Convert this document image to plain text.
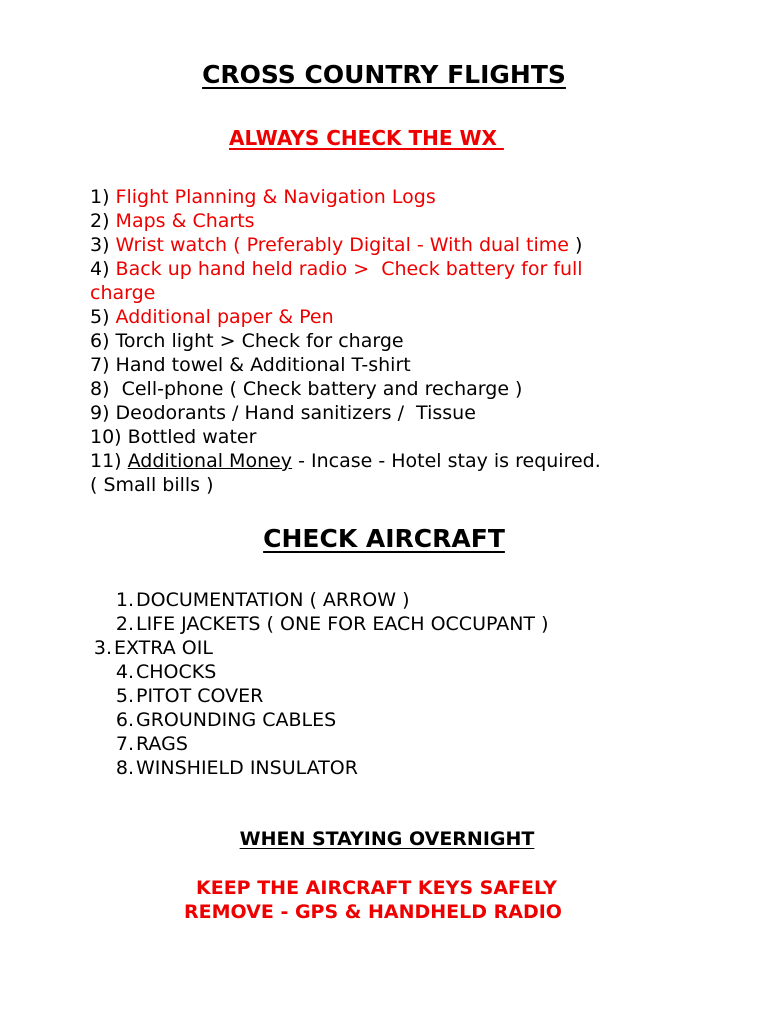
CROSS COUNTRY FLIGHTS
ALWAYS CHECK THE WX
1) Flight Planning & Navigation Logs
2) Maps & Charts
3) Wrist watch ( Preferably Digital - With dual time )
4) Back up hand held radio >  Check battery for full
charge
5) Additional paper & Pen
6) Torch light > Check for charge
7) Hand towel & Additional T-shirt
8)  Cell-phone ( Check battery and recharge )
9) Deodorants / Hand sanitizers /  Tissue
10) Bottled water
11) Additional Money - Incase - Hotel stay is required.
( Small bills )
CHECK AIRCRAFT
1. DOCUMENTATION ( ARROW )
2. LIFE JACKETS ( ONE FOR EACH OCCUPANT )
3. EXTRA OIL
4. CHOCKS
5. PITOT COVER
6. GROUNDING CABLES
7. RAGS
8. WINSHIELD INSULATOR
WHEN STAYING OVERNIGHT
KEEP THE AIRCRAFT KEYS SAFELY
REMOVE - GPS & HANDHELD RADIO
